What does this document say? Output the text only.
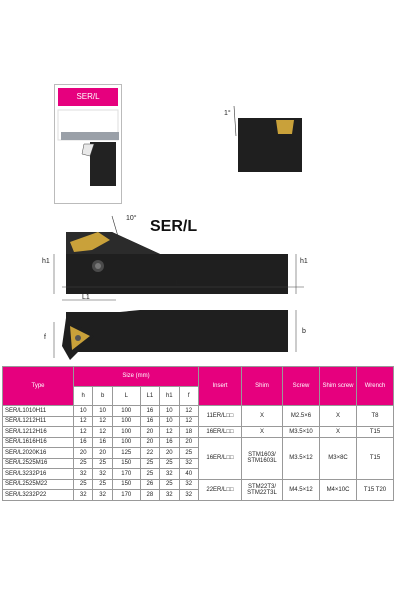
SER/L
1°
SER/L
10°
h1	h1
L
L1
f
b
Type	Size (mm)						Insert	Shim	Screw	Shim screw	Wrench
	h	b	L	L1	h1	f					
SER/L1010H11	10	10	100	16	10	12	11ER/L□□	X	M2.5×6	X	T8
SER/L1212H11	12	12	100	16	10	12					
SER/L1212H16	12	12	100	20	12	18	16ER/L□□	X	M3.5×10	X	T15
SER/L1616H16	16	16	100	20	16	20	16ER/L□□	STM1603/ STM1603L	M3.5×12	M3×8C	T15
SER/L2020K16	20	20	125	22	20	25					
SER/L2525M16	25	25	150	25	25	32					
SER/L3232P16	32	32	170	25	32	40					
SER/L2525M22	25	25	150	26	25	32	22ER/L□□	STM22T3/ STM22T3L	M4.5×12	M4×10C	T15 T20
SER/L3232P22	32	32	170	28	32	32					
